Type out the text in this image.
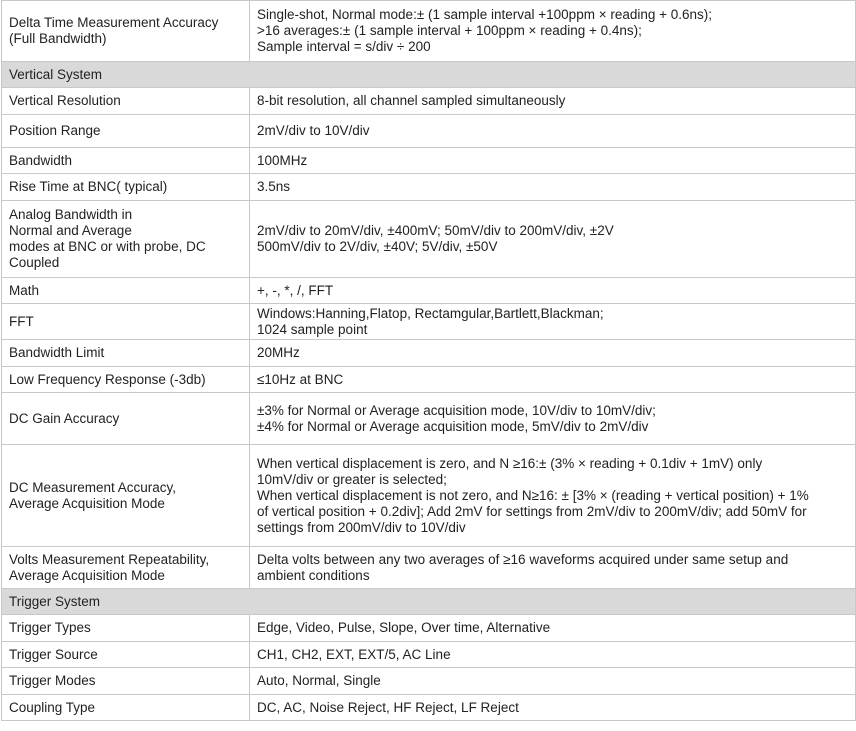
Delta Time Measurement Accuracy
(Full Bandwidth)	Single-shot, Normal mode:± (1 sample interval +100ppm × reading + 0.6ns);
>16 averages:± (1 sample interval + 100ppm × reading + 0.4ns);
Sample interval = s/div ÷ 200
Vertical System	
Vertical Resolution	8-bit resolution, all channel sampled simultaneously
Position Range	2mV/div to 10V/div
Bandwidth	100MHz
Rise Time at BNC( typical)	3.5ns
Analog Bandwidth in
Normal and Average
modes at BNC or with probe, DC
Coupled	2mV/div to 20mV/div, ±400mV; 50mV/div to 200mV/div, ±2V
500mV/div to 2V/div, ±40V; 5V/div, ±50V
Math	+, -, *, /, FFT
FFT	Windows:Hanning,Flatop, Rectamgular,Bartlett,Blackman;
1024 sample point
Bandwidth Limit	20MHz
Low Frequency Response (-3db)	≤10Hz at BNC
DC Gain Accuracy	±3% for Normal or Average acquisition mode, 10V/div to 10mV/div;
±4% for Normal or Average acquisition mode, 5mV/div to 2mV/div
DC Measurement Accuracy,
Average Acquisition Mode	When vertical displacement is zero, and N ≥16:± (3% × reading + 0.1div + 1mV) only
10mV/div or greater is selected;
When vertical displacement is not zero, and N≥16: ± [3% × (reading + vertical position) + 1%
of vertical position + 0.2div]; Add 2mV for settings from 2mV/div to 200mV/div; add 50mV for
settings from 200mV/div to 10V/div
Volts Measurement Repeatability,
Average Acquisition Mode	Delta volts between any two averages of ≥16 waveforms acquired under same setup and
ambient conditions
Trigger System	
Trigger Types	Edge, Video, Pulse, Slope, Over time, Alternative
Trigger Source	CH1, CH2, EXT, EXT/5, AC Line
Trigger Modes	Auto, Normal, Single
Coupling Type	DC, AC, Noise Reject, HF Reject, LF Reject
